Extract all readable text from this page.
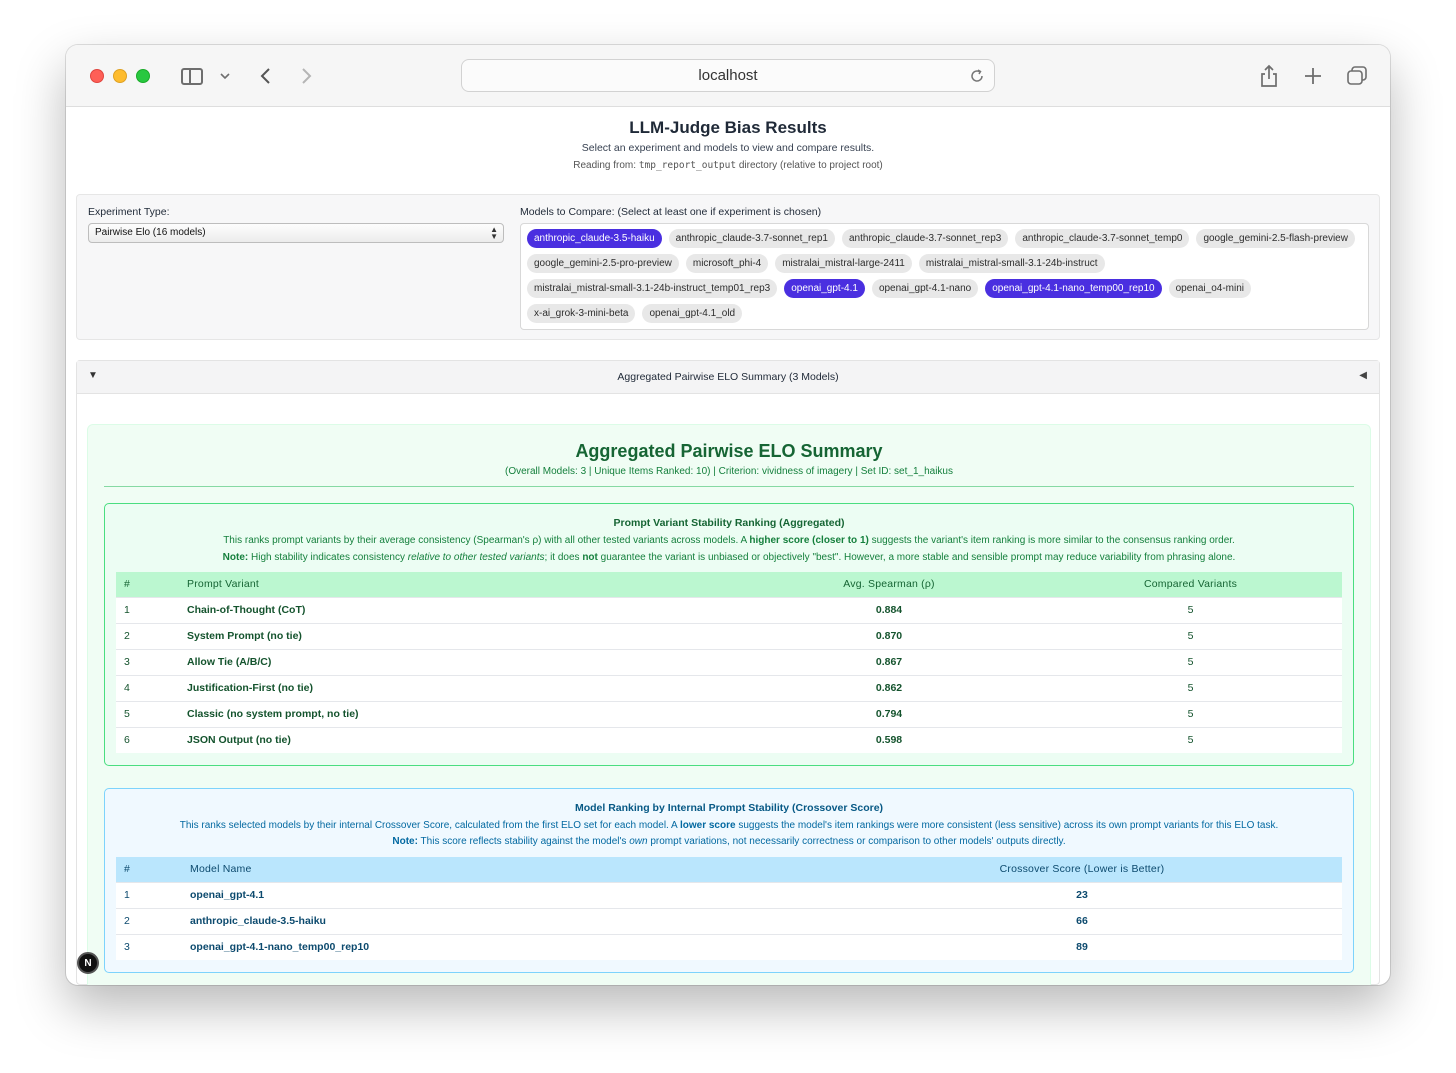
localhost
LLM-Judge Bias Results
Select an experiment and models to view and compare results.
Reading from: tmp_report_output directory (relative to project root)
Experiment Type:
Pairwise Elo (16 models)	▲
▼
Models to Compare: (Select at least one if experiment is chosen)
anthropic_claude-3.5-haiku	anthropic_claude-3.7-sonnet_rep1	anthropic_claude-3.7-sonnet_rep3	anthropic_claude-3.7-sonnet_temp0	google_gemini-2.5-flash-preview
google_gemini-2.5-pro-preview	microsoft_phi-4	mistralai_mistral-large-2411	mistralai_mistral-small-3.1-24b-instruct
mistralai_mistral-small-3.1-24b-instruct_temp01_rep3	openai_gpt-4.1	openai_gpt-4.1-nano	openai_gpt-4.1-nano_temp00_rep10	openai_o4-mini
x-ai_grok-3-mini-beta	openai_gpt-4.1_old
▼	Aggregated Pairwise ELO Summary (3 Models)	◀
Aggregated Pairwise ELO Summary
(Overall Models: 3 | Unique Items Ranked: 10) | Criterion: vividness of imagery | Set ID: set_1_haikus
Prompt Variant Stability Ranking (Aggregated)
This ranks prompt variants by their average consistency (Spearman's ρ) with all other tested variants across models. A higher score (closer to 1) suggests the variant's item ranking is more similar to the consensus ranking order.
Note: High stability indicates consistency relative to other tested variants; it does not guarantee the variant is unbiased or objectively "best". However, a more stable and sensible prompt may reduce variability from phrasing alone.
#	Prompt Variant	Avg. Spearman (ρ)	Compared Variants
1	Chain-of-Thought (CoT)	0.884	5
2	System Prompt (no tie)	0.870	5
3	Allow Tie (A/B/C)	0.867	5
4	Justification-First (no tie)	0.862	5
5	Classic (no system prompt, no tie)	0.794	5
6	JSON Output (no tie)	0.598	5
Model Ranking by Internal Prompt Stability (Crossover Score)
This ranks selected models by their internal Crossover Score, calculated from the first ELO set for each model. A lower score suggests the model's item rankings were more consistent (less sensitive) across its own prompt variants for this ELO task.
Note: This score reflects stability against the model's own prompt variations, not necessarily correctness or comparison to other models' outputs directly.
#	Model Name	Crossover Score (Lower is Better)
1	openai_gpt-4.1	23
2	anthropic_claude-3.5-haiku	66
3	openai_gpt-4.1-nano_temp00_rep10	89
N
